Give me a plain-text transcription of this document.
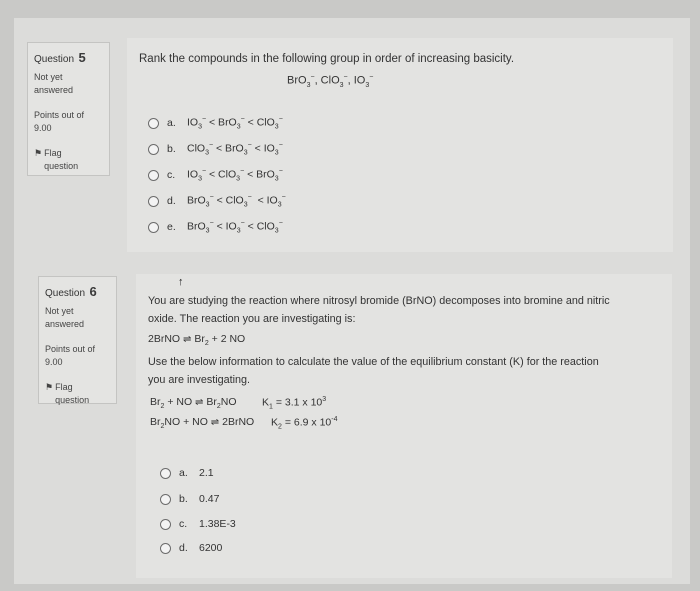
Question 5
Not yet
answered
Points out of
9.00
⚑ Flag
question
Rank the compounds in the following group in order of increasing basicity.
BrO$_3$−, ClO$_3$−, $IO_3^-$
a.	$IO_3^- < BrO_3^- < ClO_3^-$
b.	$ClO_3^- < BrO_3^- < IO_3^-$
c.	$IO_3^- < ClO_3^- < BrO_3^-$
d.	$BrO_3^- < ClO_3^- < IO_3^-$
e.	$BrO_3^- < IO_3^- < ClO_3^-$
Question 6
Not yet
answered
Points out of
9.00
⚑ Flag
question
↑
You are studying the reaction where nitrosyl bromide (BrNO) decomposes into bromine and nitric
oxide. The reaction you are investigating is:
2BrNO ⇌ $Br_2 + 2$ NO
Use the below information to calculate the value of the equilibrium constant (K) for the reaction
you are investigating.
$Br_2$ + NO ⇌ $Br_2NO$ $K_1 = 3.1$ x $10^3$
$Br_2NO$ + NO ⇌ 2BrNO $K_2 = 6.9$ x $10^{-4}$
a.	2.1
b.	0.47
c.	1.38E-3
d.	6200
